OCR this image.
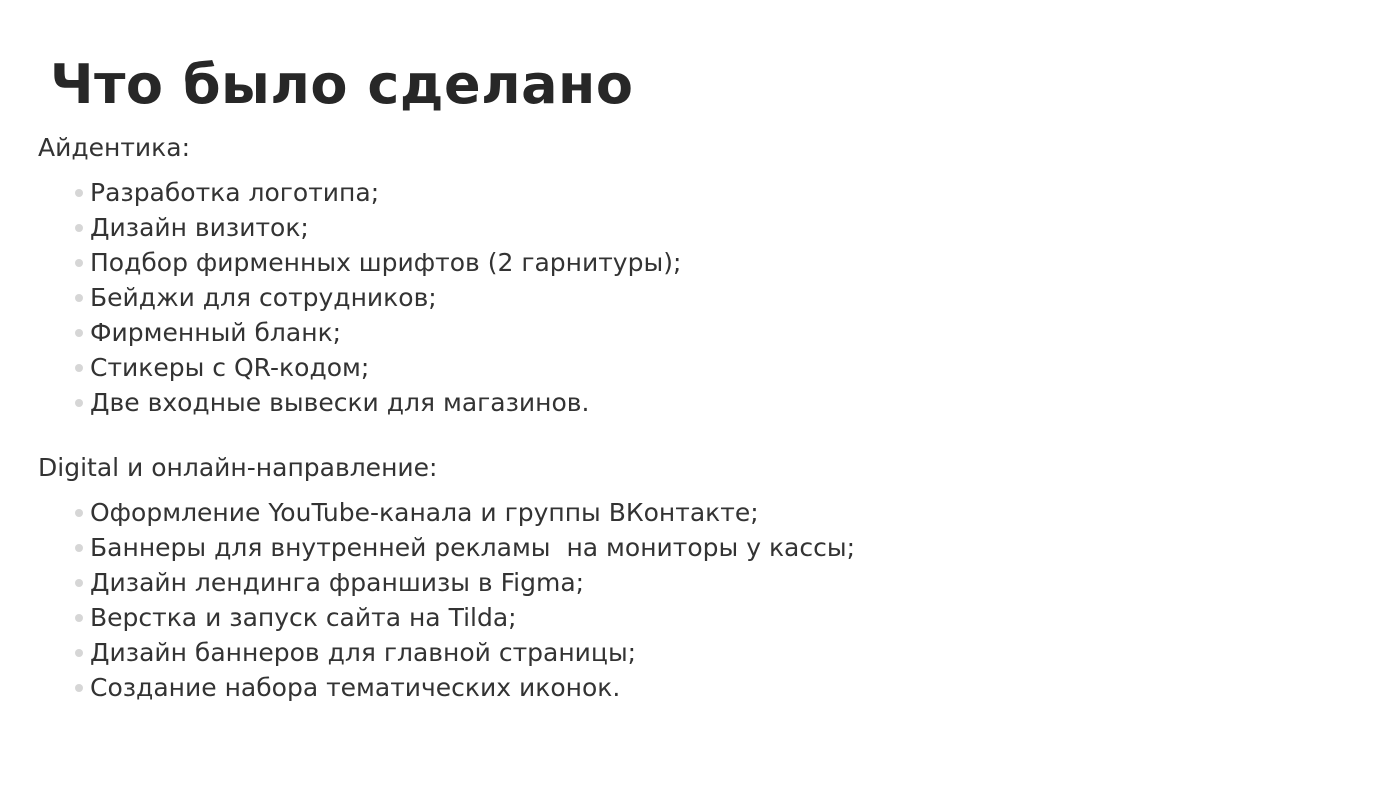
Что было сделано
Айдентика:
Разработка логотипа;
Дизайн визиток;
Подбор фирменных шрифтов (2 гарнитуры);
Бейджи для сотрудников;
Фирменный бланк;
Стикеры с QR-кодом;
Две входные вывески для магазинов.
Digital и онлайн-направление:
Оформление YouTube-канала и группы ВКонтакте;
Баннеры для внутренней рекламы  на мониторы у кассы;
Дизайн лендинга франшизы в Figma;
Верстка и запуск сайта на Tilda;
Дизайн баннеров для главной страницы;
Создание набора тематических иконок.
